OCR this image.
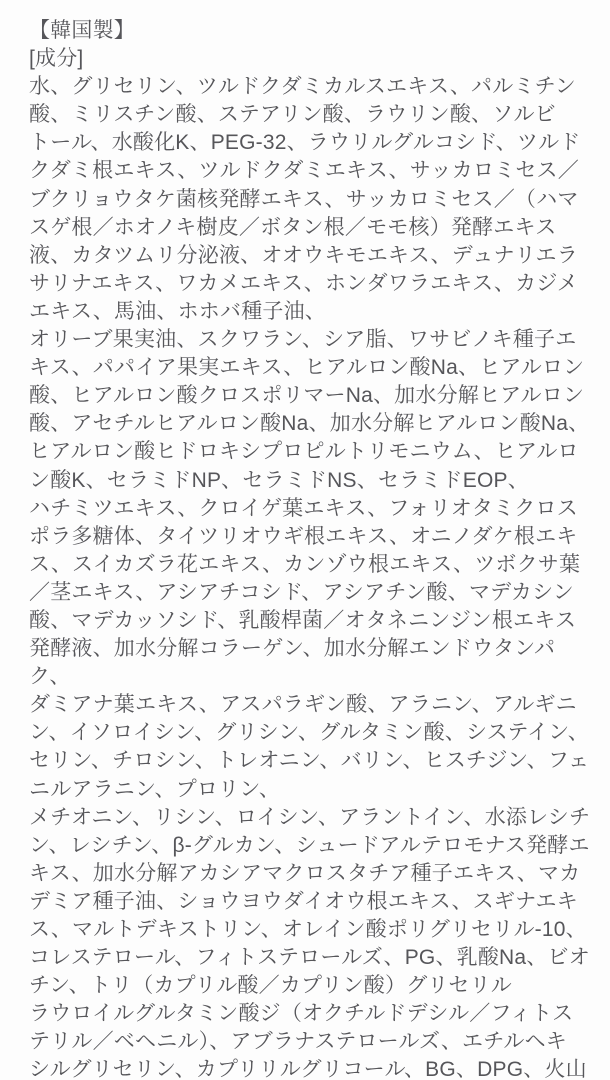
【韓国製】
[成分]
水、グリセリン、ツルドクダミカルスエキス、パルミチン
酸、ミリスチン酸、ステアリン酸、ラウリン酸、ソルビ
トール、水酸化K、PEG-32、ラウリルグルコシド、ツルド
クダミ根エキス、ツルドクダミエキス、サッカロミセス／
ブクリョウタケ菌核発酵エキス、サッカロミセス／（ハマ
スゲ根／ホオノキ樹皮／ボタン根／モモ核）発酵エキス
液、カタツムリ分泌液、オオウキモエキス、デュナリエラ
サリナエキス、ワカメエキス、ホンダワラエキス、カジメ
エキス、馬油、ホホバ種子油、
オリーブ果実油、スクワラン、シア脂、ワサビノキ種子エ
キス、パパイア果実エキス、ヒアルロン酸Na、ヒアルロン
酸、ヒアルロン酸クロスポリマーNa、加水分解ヒアルロン
酸、アセチルヒアルロン酸Na、加水分解ヒアルロン酸Na、
ヒアルロン酸ヒドロキシプロピルトリモニウム、ヒアルロ
ン酸K、セラミドNP、セラミドNS、セラミドEOP、
ハチミツエキス、クロイゲ葉エキス、フォリオタミクロス
ポラ多糖体、タイツリオウギ根エキス、オニノダケ根エキ
ス、スイカズラ花エキス、カンゾウ根エキス、ツボクサ葉
／茎エキス、アシアチコシド、アシアチン酸、マデカシン
酸、マデカッソシド、乳酸桿菌／オタネニンジン根エキス
発酵液、加水分解コラーゲン、加水分解エンドウタンパ
ク、
ダミアナ葉エキス、アスパラギン酸、アラニン、アルギニ
ン、イソロイシン、グリシン、グルタミン酸、システイン、
セリン、チロシン、トレオニン、バリン、ヒスチジン、フェ
ニルアラニン、プロリン、
メチオニン、リシン、ロイシン、アラントイン、水添レシチ
ン、レシチン、β-グルカン、シュードアルテロモナス発酵エ
キス、加水分解アカシアマクロスタチア種子エキス、マカ
デミア種子油、ショウヨウダイオウ根エキス、スギナエキ
ス、マルトデキストリン、オレイン酸ポリグリセリル-10、
コレステロール、フィトステロールズ、PG、乳酸Na、ビオ
チン、トリ（カプリル酸／カプリン酸）グリセリル
ラウロイルグルタミン酸ジ（オクチルドデシル／フィトス
テリル／ベヘニル）、アブラナステロールズ、エチルヘキ
シルグリセリン、カプリリルグリコール、BG、DPG、火山
